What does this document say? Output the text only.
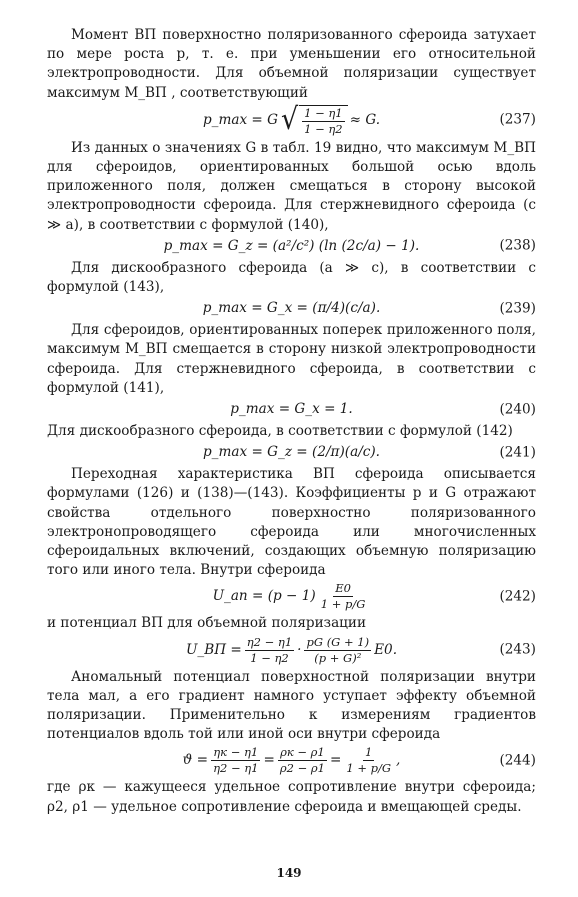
Момент ВП поверхностно поляризованного сфероида затухает по мере роста p, т. е. при уменьшении его относительной электропроводности. Для объемной поляризации существует максимум M_ВП , соответствующий

p_max = G √ $\frac{1 - \eta 1}{1 - \eta 2} \approx G$.	(237)

Из данных о значениях G в табл. 19 видно, что максимум M_ВП для сфероидов, ориентированных большой осью вдоль приложенного поля, должен смещаться в сторону высокой электропроводности сфероида. Для стержневидного сфероида (c ≫ a), в соответствии с формулой (140),

p_max = G_z = (a²/c²) (ln (2c/a) − 1).	(238)

Для дискообразного сфероида (a ≫ c), в соответствии с формулой (143),

p_max = G_x = (π/4)(c/a).	(239)

Для сфероидов, ориентированных поперек приложенного поля, максимум M_ВП смещается в сторону низкой электропроводности сфероида. Для стержневидного сфероида, в соответствии с формулой (141),

p_max = G_x = 1.	(240)

Для дискообразного сфероида, в соответствии с формулой (142)

p_max = G_z = (2/π)(a/c).	(241)

Переходная характеристика ВП сфероида описывается формулами (126) и (138)—(143). Коэффициенты p и G отражают свойства отдельного поверхностно поляризованного электронопроводящего сфероида или многочисленных сфероидальных включений, создающих объемную поляризацию того или иного тела. Внутри сфероида

U_ап = $(p - 1) \frac{E0}{1 + p/G}$	(242)

и потенциал ВП для объемной поляризации

U_ВП = $\frac{\eta 2 - \eta 1}{1 - \eta 2} \cdot \frac{pG (G + 1)}{\text{(p + G)²}} E0$.	(243)

Аномальный потенциал поверхностной поляризации внутри тела мал, а его градиент намного уступает эффекту объемной поляризации. Применительно к измерениям градиентов потенциалов вдоль той или иной оси внутри сфероида

$ϑ = \frac{\eta к - \eta 1}{\eta 2 - \eta 1} = \frac{\rho к - \rho 1}{\rho 2 - \rho 1} = \frac{1}{1 + p/G}$ ,	(244)

где ρк — кажущееся удельное сопротивление внутри сфероида; ρ2, ρ1 — удельное сопротивление сфероида и вмещающей среды.

149
